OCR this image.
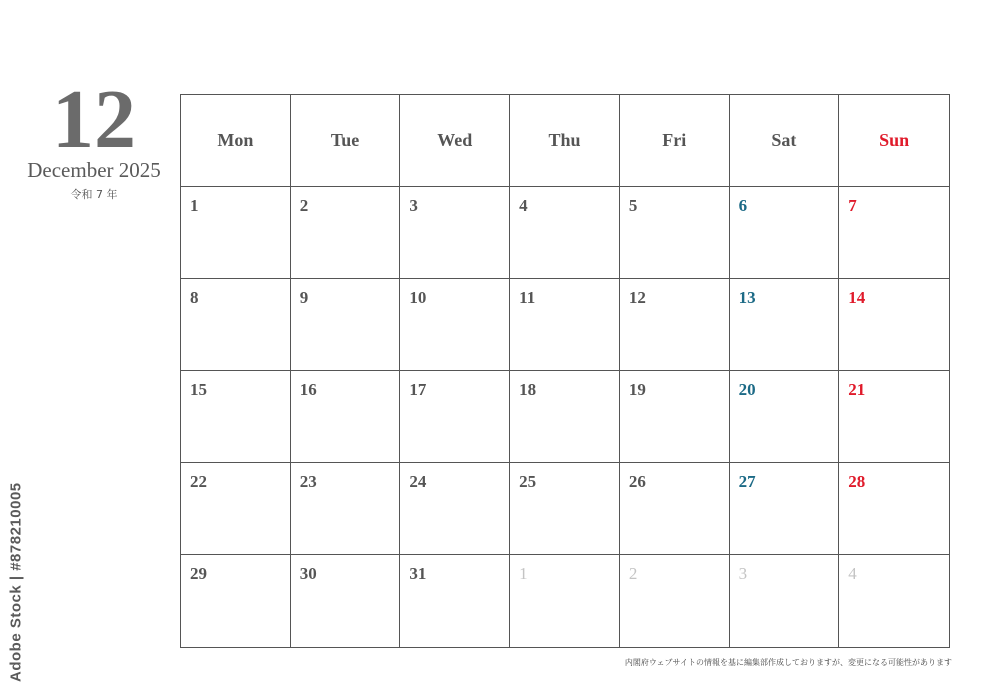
12
December 2025
令和 7 年
Mon	Tue	Wed	Thu	Fri	Sat	Sun
1	2	3	4	5	6	7
8	9	10	11	12	13	14
15	16	17	18	19	20	21
22	23	24	25	26	27	28
29	30	31	1	2	3	4
内閣府ウェブサイトの情報を基に編集部作成しておりますが、変更になる可能性があります
Adobe Stock | #878210005
